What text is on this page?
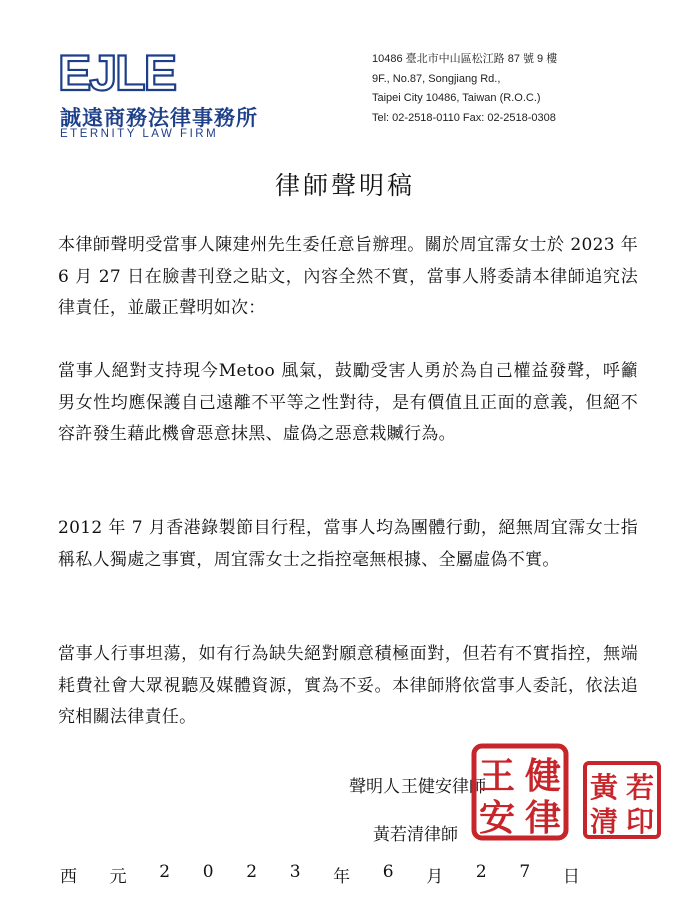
EJLE
誠遠商務法律事務所
ETERNITY LAW FIRM
10486 臺北市中山區松江路 87 號 9 樓
9F., No.87, Songjiang Rd.,
Taipei City 10486, Taiwan (R.O.C.)
Tel: 02-2518-0110 Fax: 02-2518-0308
律師聲明稿
本律師聲明受當事人陳建州先生委任意旨辦理。關於周宜霈女士於 2023 年 6 月 27 日在臉書刊登之貼文，內容全然不實，當事人將委請本律師追究法律責任，並嚴正聲明如次：
當事人絕對支持現今Metoo 風氣，鼓勵受害人勇於為自己權益發聲，呼籲男女性均應保護自己遠離不平等之性對待，是有價值且正面的意義，但絕不容許發生藉此機會惡意抹黑、虛偽之惡意栽贓行為。
2012 年 7 月香港錄製節目行程，當事人均為團體行動，絕無周宜霈女士指稱私人獨處之事實，周宜霈女士之指控毫無根據、全屬虛偽不實。
當事人行事坦蕩，如有行為缺失絕對願意積極面對，但若有不實指控，無端耗費社會大眾視聽及媒體資源，實為不妥。本律師將依當事人委託，依法追究相關法律責任。
聲明人 王健安律師
黃若清律師
王 健
安 律
黃 若
清 印
西 元 2 0 2 3 年 6 月 2 7 日
